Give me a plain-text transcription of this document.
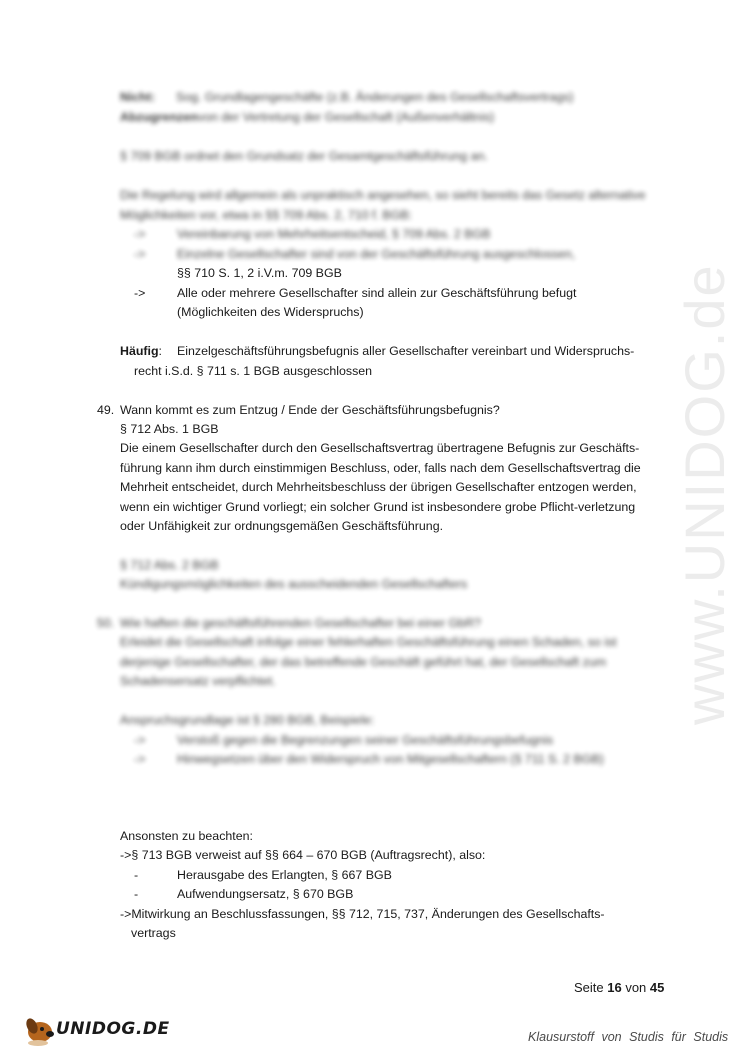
www.UNIDOG.de
Nicht: Sog. Grundlagengeschäfte (z.B. Änderungen des Gesellschaftsvertrags)
Abzugrenzen von der Vertretung der Gesellschaft (Außenverhältnis)
§ 709 BGB ordnet den Grundsatz der Gesamtgeschäftsführung an.
Die Regelung wird allgemein als unpraktisch angesehen, so sieht bereits das Gesetz alternative
Möglichkeiten vor, etwa in §§ 709 Abs. 2, 710 f. BGB:
->	Vereinbarung von Mehrheitsentscheid, § 709 Abs. 2 BGB
->	Einzelne Gesellschafter sind von der Geschäftsführung ausgeschlossen,
§§ 710 S. 1, 2 i.V.m. 709 BGB
->	Alle oder mehrere Gesellschafter sind allein zur Geschäftsführung befugt
(Möglichkeiten des Widerspruchs)
Häufig: Einzelgeschäftsführungsbefugnis aller Gesellschafter vereinbart und Widerspruchs-
recht i.S.d. § 711 s. 1 BGB ausgeschlossen
49. Wann kommt es zum Entzug / Ende der Geschäftsführungsbefugnis?
§ 712 Abs. 1 BGB
Die einem Gesellschafter durch den Gesellschaftsvertrag übertragene Befugnis zur Geschäfts-
führung kann ihm durch einstimmigen Beschluss, oder, falls nach dem Gesellschaftsvertrag die
Mehrheit entscheidet, durch Mehrheitsbeschluss der übrigen Gesellschafter entzogen werden,
wenn ein wichtiger Grund vorliegt; ein solcher Grund ist insbesondere grobe Pflicht-verletzung
oder Unfähigkeit zur ordnungsgemäßen Geschäftsführung.
§ 712 Abs. 2 BGB
Kündigungsmöglichkeiten des ausscheidenden Gesellschafters
50. Wie haften die geschäftsführenden Gesellschafter bei einer GbR?
Erleidet die Gesellschaft infolge einer fehlerhaften Geschäftsführung einen Schaden, so ist
derjenige Gesellschafter, der das betreffende Geschäft geführt hat, der Gesellschaft zum
Schadensersatz verpflichtet.
Anspruchsgrundlage ist § 280 BGB, Beispiele:
->	Verstoß gegen die Begrenzungen seiner Geschäftsführungsbefugnis
->	Hinwegsetzen über den Widerspruch von Mitgesellschaftern (§ 711 S. 2 BGB)
Ansonsten zu beachten:
->§ 713 BGB verweist auf §§ 664 – 670 BGB (Auftragsrecht), also:
-	Herausgabe des Erlangten, § 667 BGB
-	Aufwendungsersatz, § 670 BGB
->Mitwirkung an Beschlussfassungen, §§ 712, 715, 737, Änderungen des Gesellschafts-
vertrags
Seite 16 von 45
UNIDOG.DE	Klausurstoff von Studis für Studis
